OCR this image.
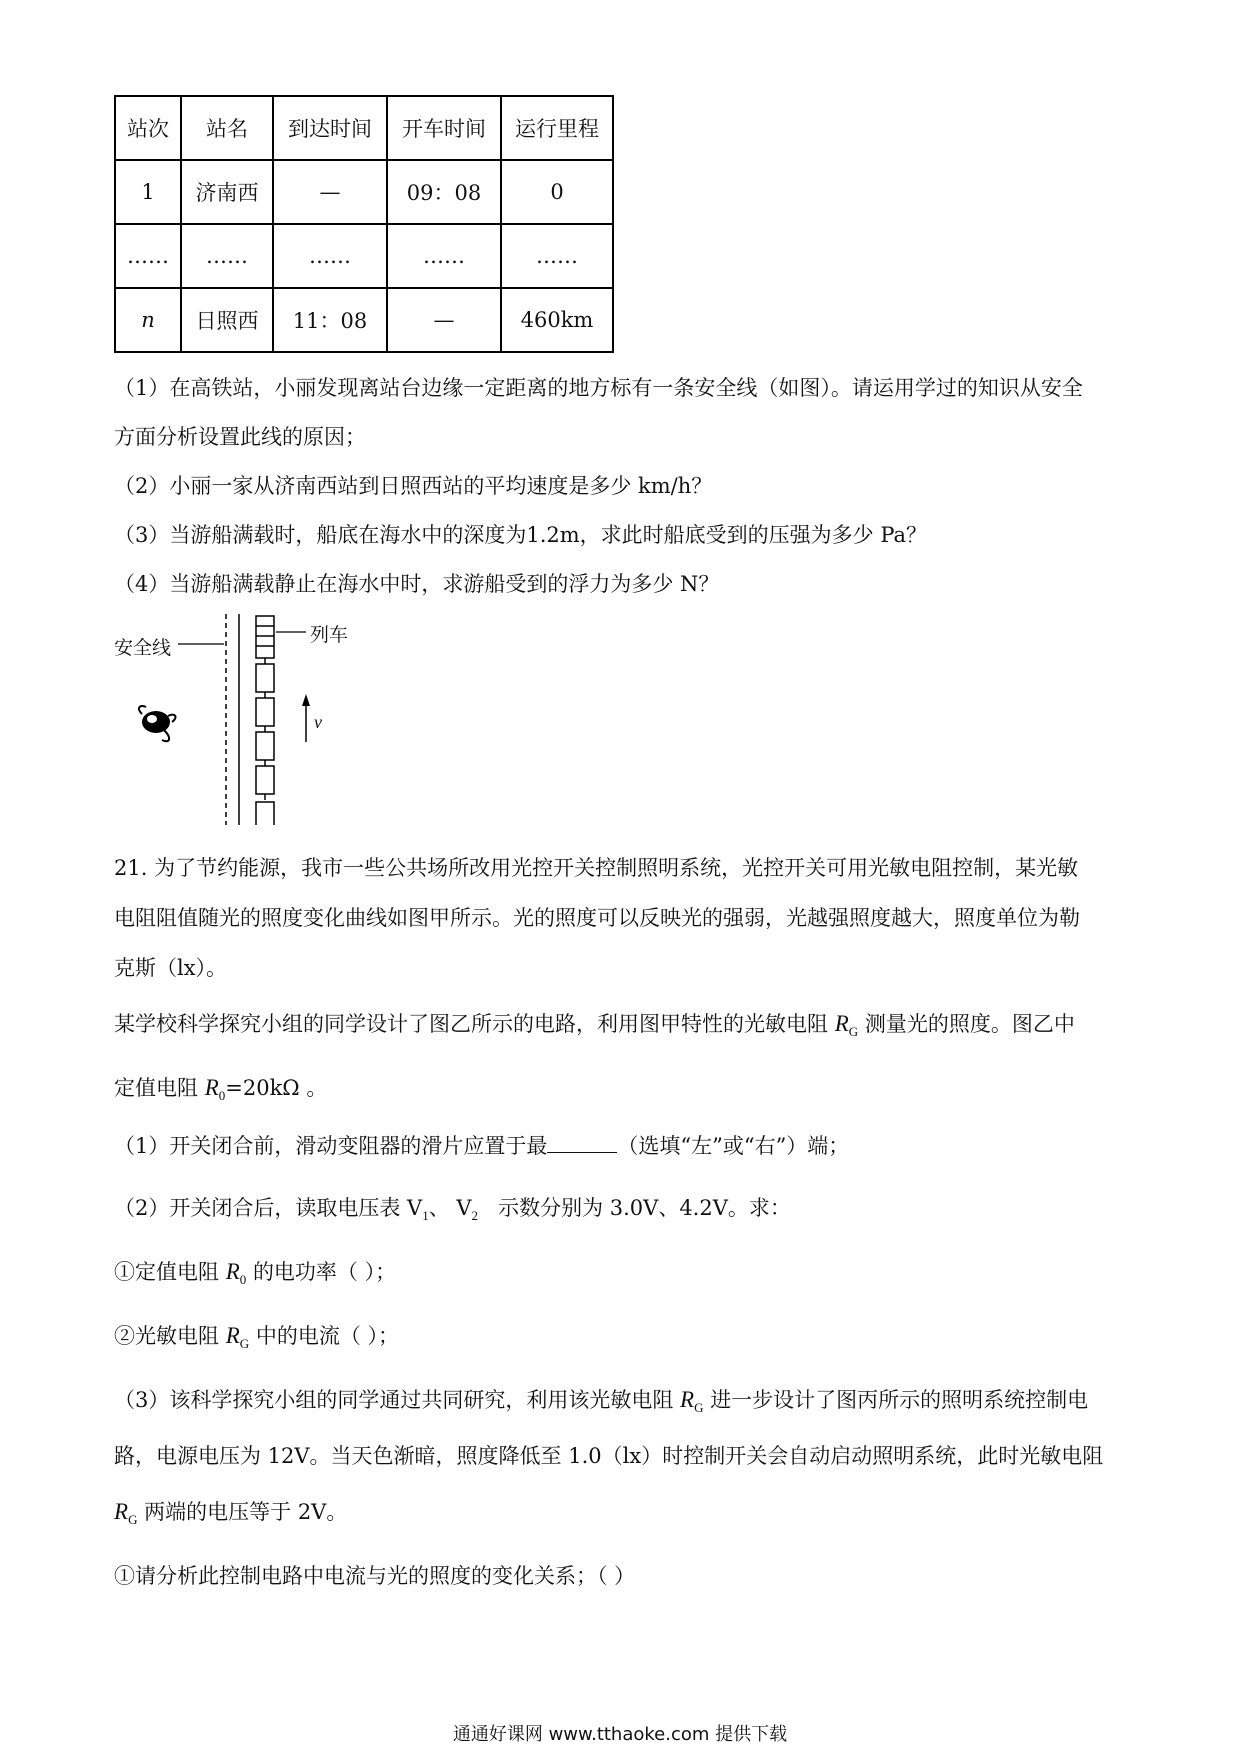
站次	站名	到达时间	开车时间	运行里程
1	济南西	—	09：08	0
……	……	……	……	……
n	日照西	11：08	—	460km
（1）在高铁站，小丽发现离站台边缘一定距离的地方标有一条安全线（如图）。请运用学过的知识从安全
方面分析设置此线的原因；
（2）小丽一家从济南西站到日照西站的平均速度是多少 km/h？
（3）当游船满载时，船底在海水中的深度为1.2m，求此时船底受到的压强为多少 Pa？
（4）当游船满载静止在海水中时，求游船受到的浮力为多少 N？
安全线
列车
v
21. 为了节约能源，我市一些公共场所改用光控开关控制照明系统，光控开关可用光敏电阻控制，某光敏
电阻阻值随光的照度变化曲线如图甲所示。光的照度可以反映光的强弱，光越强照度越大，照度单位为勒
克斯（lx）。
某学校科学探究小组的同学设计了图乙所示的电路，利用图甲特性的光敏电阻 $R_G$ 测量光的照度。图乙中
定值电阻 $R_0=20k\Omega$ 。
（1）开关闭合前，滑动变阻器的滑片应置于最	（选填“左”或“右”）端；
（2）开关闭合后，读取电压表 $V_1$、 $V_2$ 示数分别为 3.0V、4.2V。求：
①定值电阻 $R_0$ 的电功率（ ）；
②光敏电阻 $R_G$ 中的电流（ ）；
（3）该科学探究小组的同学通过共同研究，利用该光敏电阻 $R_G$ 进一步设计了图丙所示的照明系统控制电
路，电源电压为 12V。当天色渐暗，照度降低至 1.0（lx）时控制开关会自动启动照明系统，此时光敏电阻
$R_G$ 两端的电压等于 2V。
①请分析此控制电路中电流与光的照度的变化关系；（ ）
通通好课网 www.tthaoke.com 提供下载
